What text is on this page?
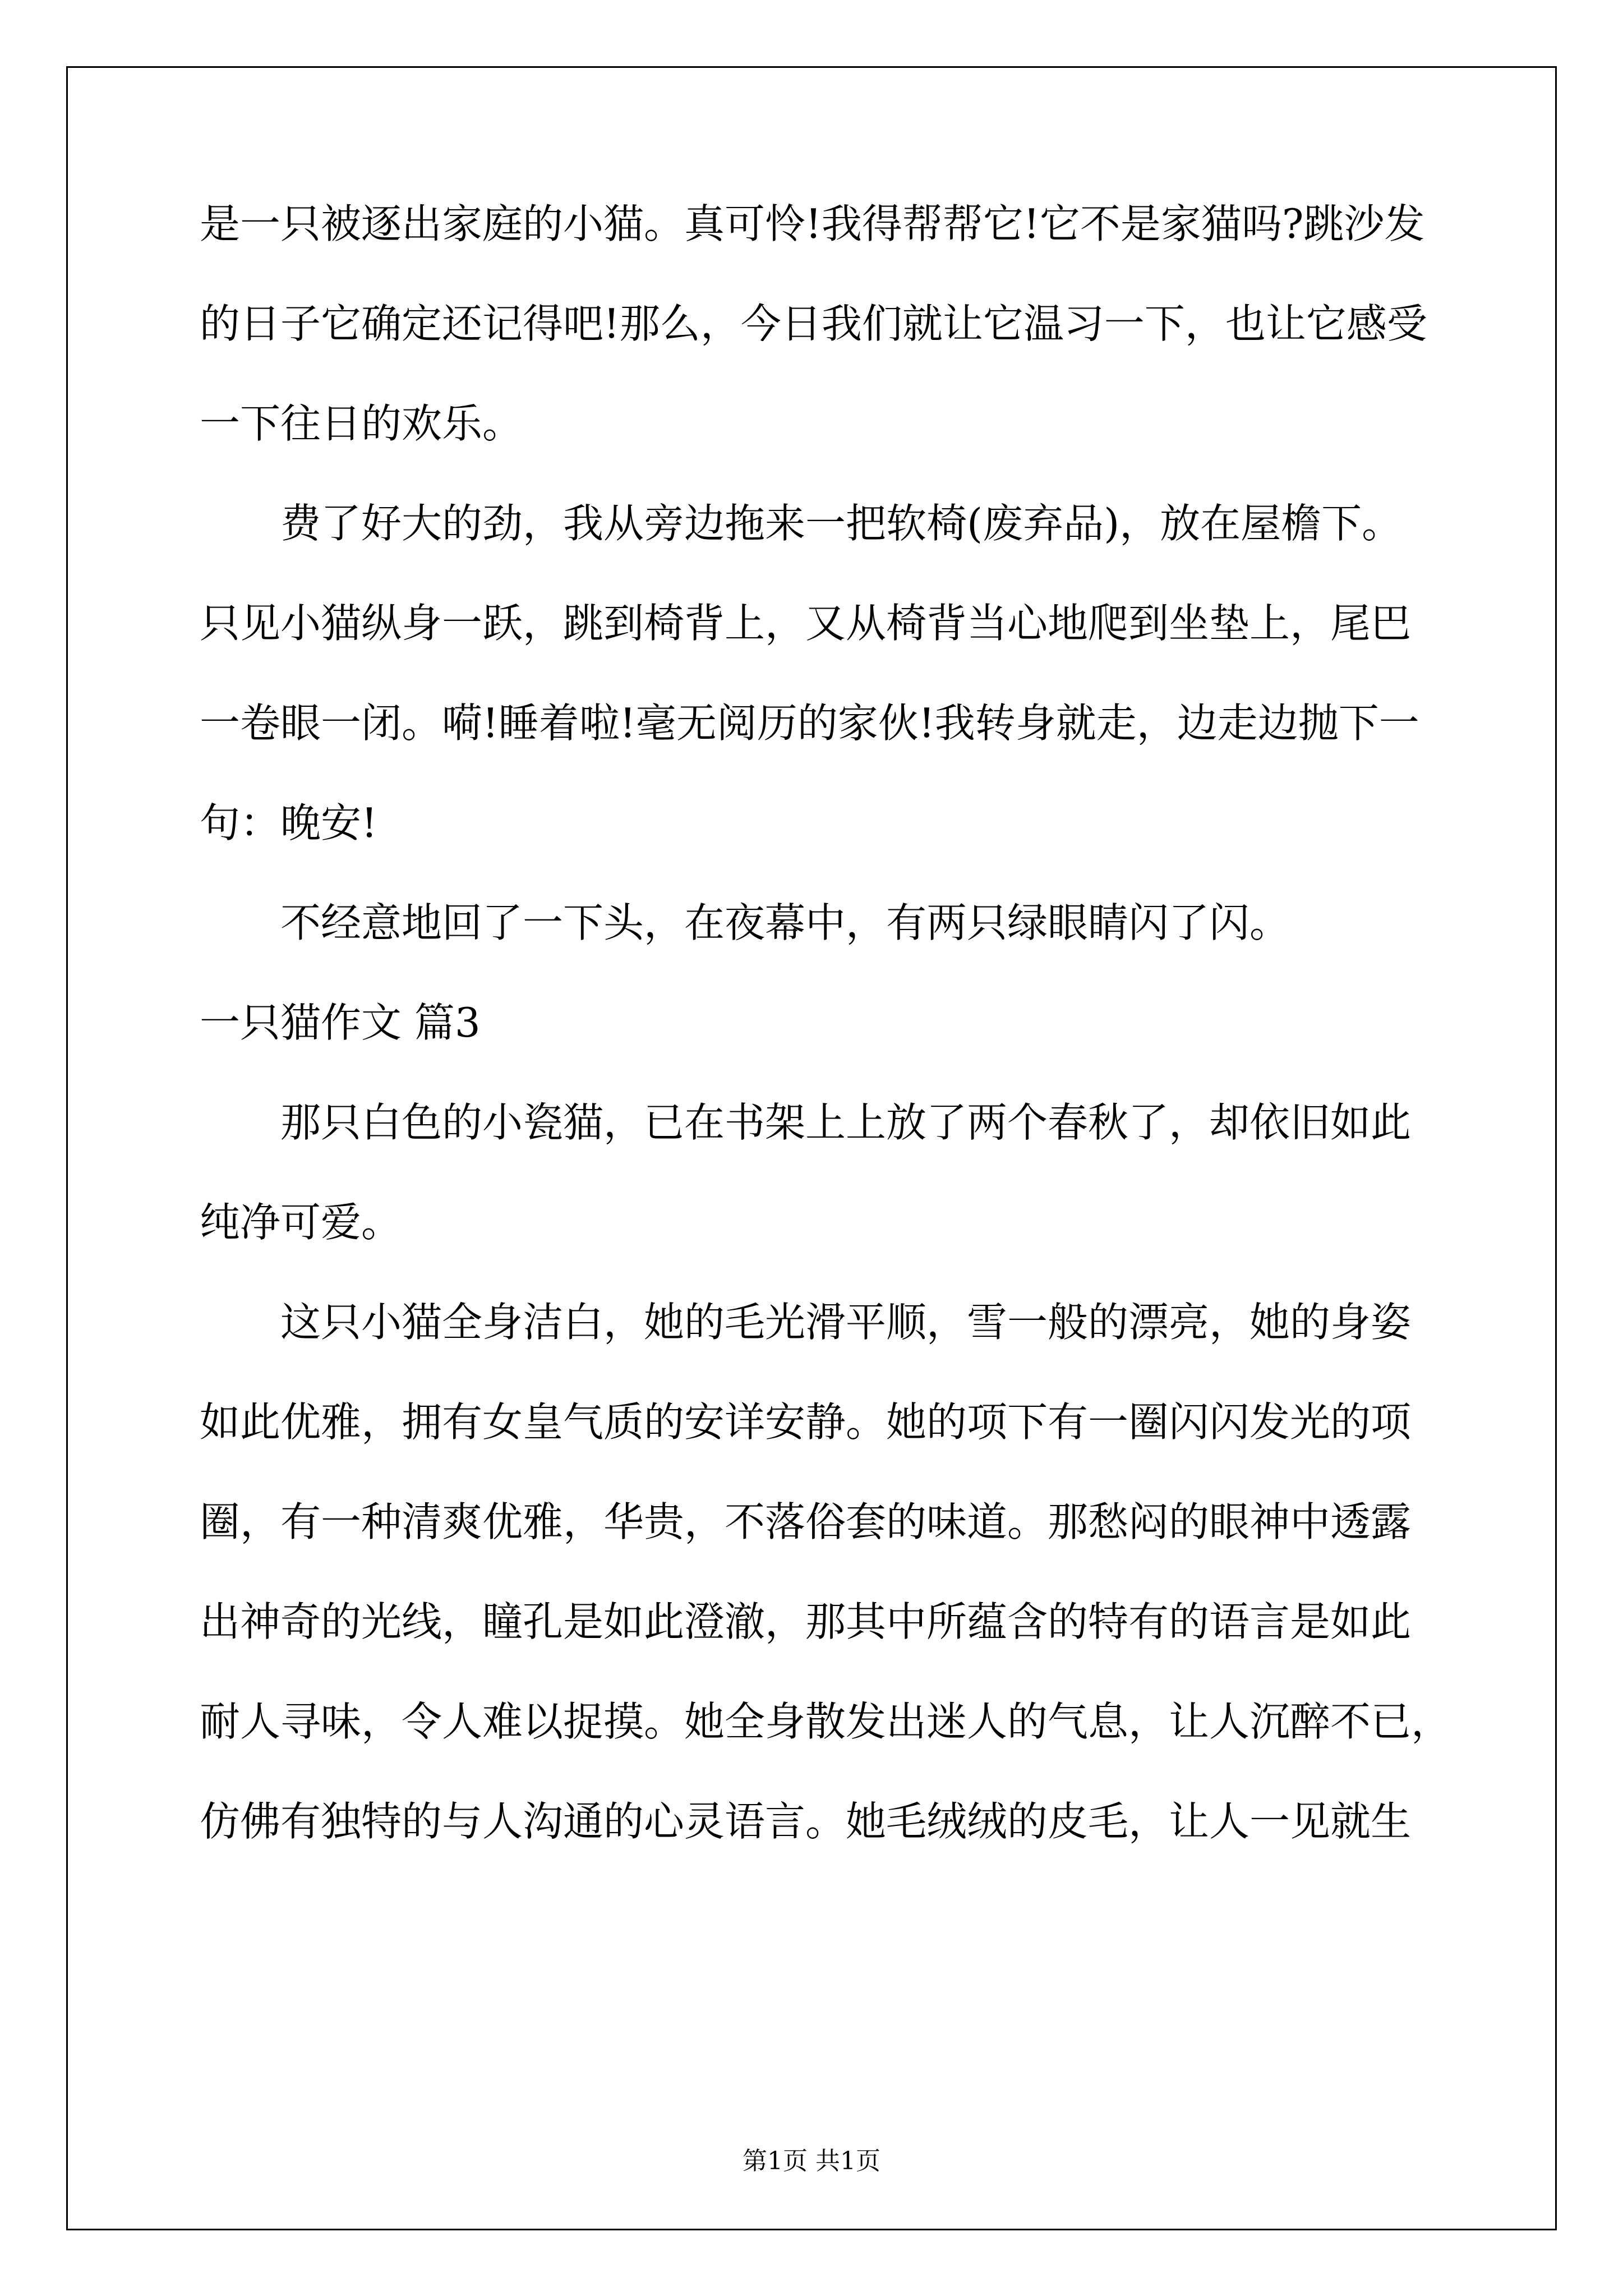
是一只被逐出家庭的小猫。真可怜!我得帮帮它!它不是家猫吗?跳沙发
的日子它确定还记得吧!那么，今日我们就让它温习一下，也让它感受
一下往日的欢乐。
费了好大的劲，我从旁边拖来一把软椅(废弃品)，放在屋檐下。
只见小猫纵身一跃，跳到椅背上，又从椅背当心地爬到坐垫上，尾巴
一卷眼一闭。嗬!睡着啦!毫无阅历的家伙!我转身就走，边走边抛下一
句：晚安!
不经意地回了一下头，在夜幕中，有两只绿眼睛闪了闪。
一只猫作文 篇3
那只白色的小瓷猫，已在书架上上放了两个春秋了，却依旧如此
纯净可爱。
这只小猫全身洁白，她的毛光滑平顺，雪一般的漂亮，她的身姿
如此优雅，拥有女皇气质的安详安静。她的项下有一圈闪闪发光的项
圈，有一种清爽优雅，华贵，不落俗套的味道。那愁闷的眼神中透露
出神奇的光线，瞳孔是如此澄澈，那其中所蕴含的特有的语言是如此
耐人寻味，令人难以捉摸。她全身散发出迷人的气息，让人沉醉不已，
仿佛有独特的与人沟通的心灵语言。她毛绒绒的皮毛，让人一见就生
第1页 共1页
